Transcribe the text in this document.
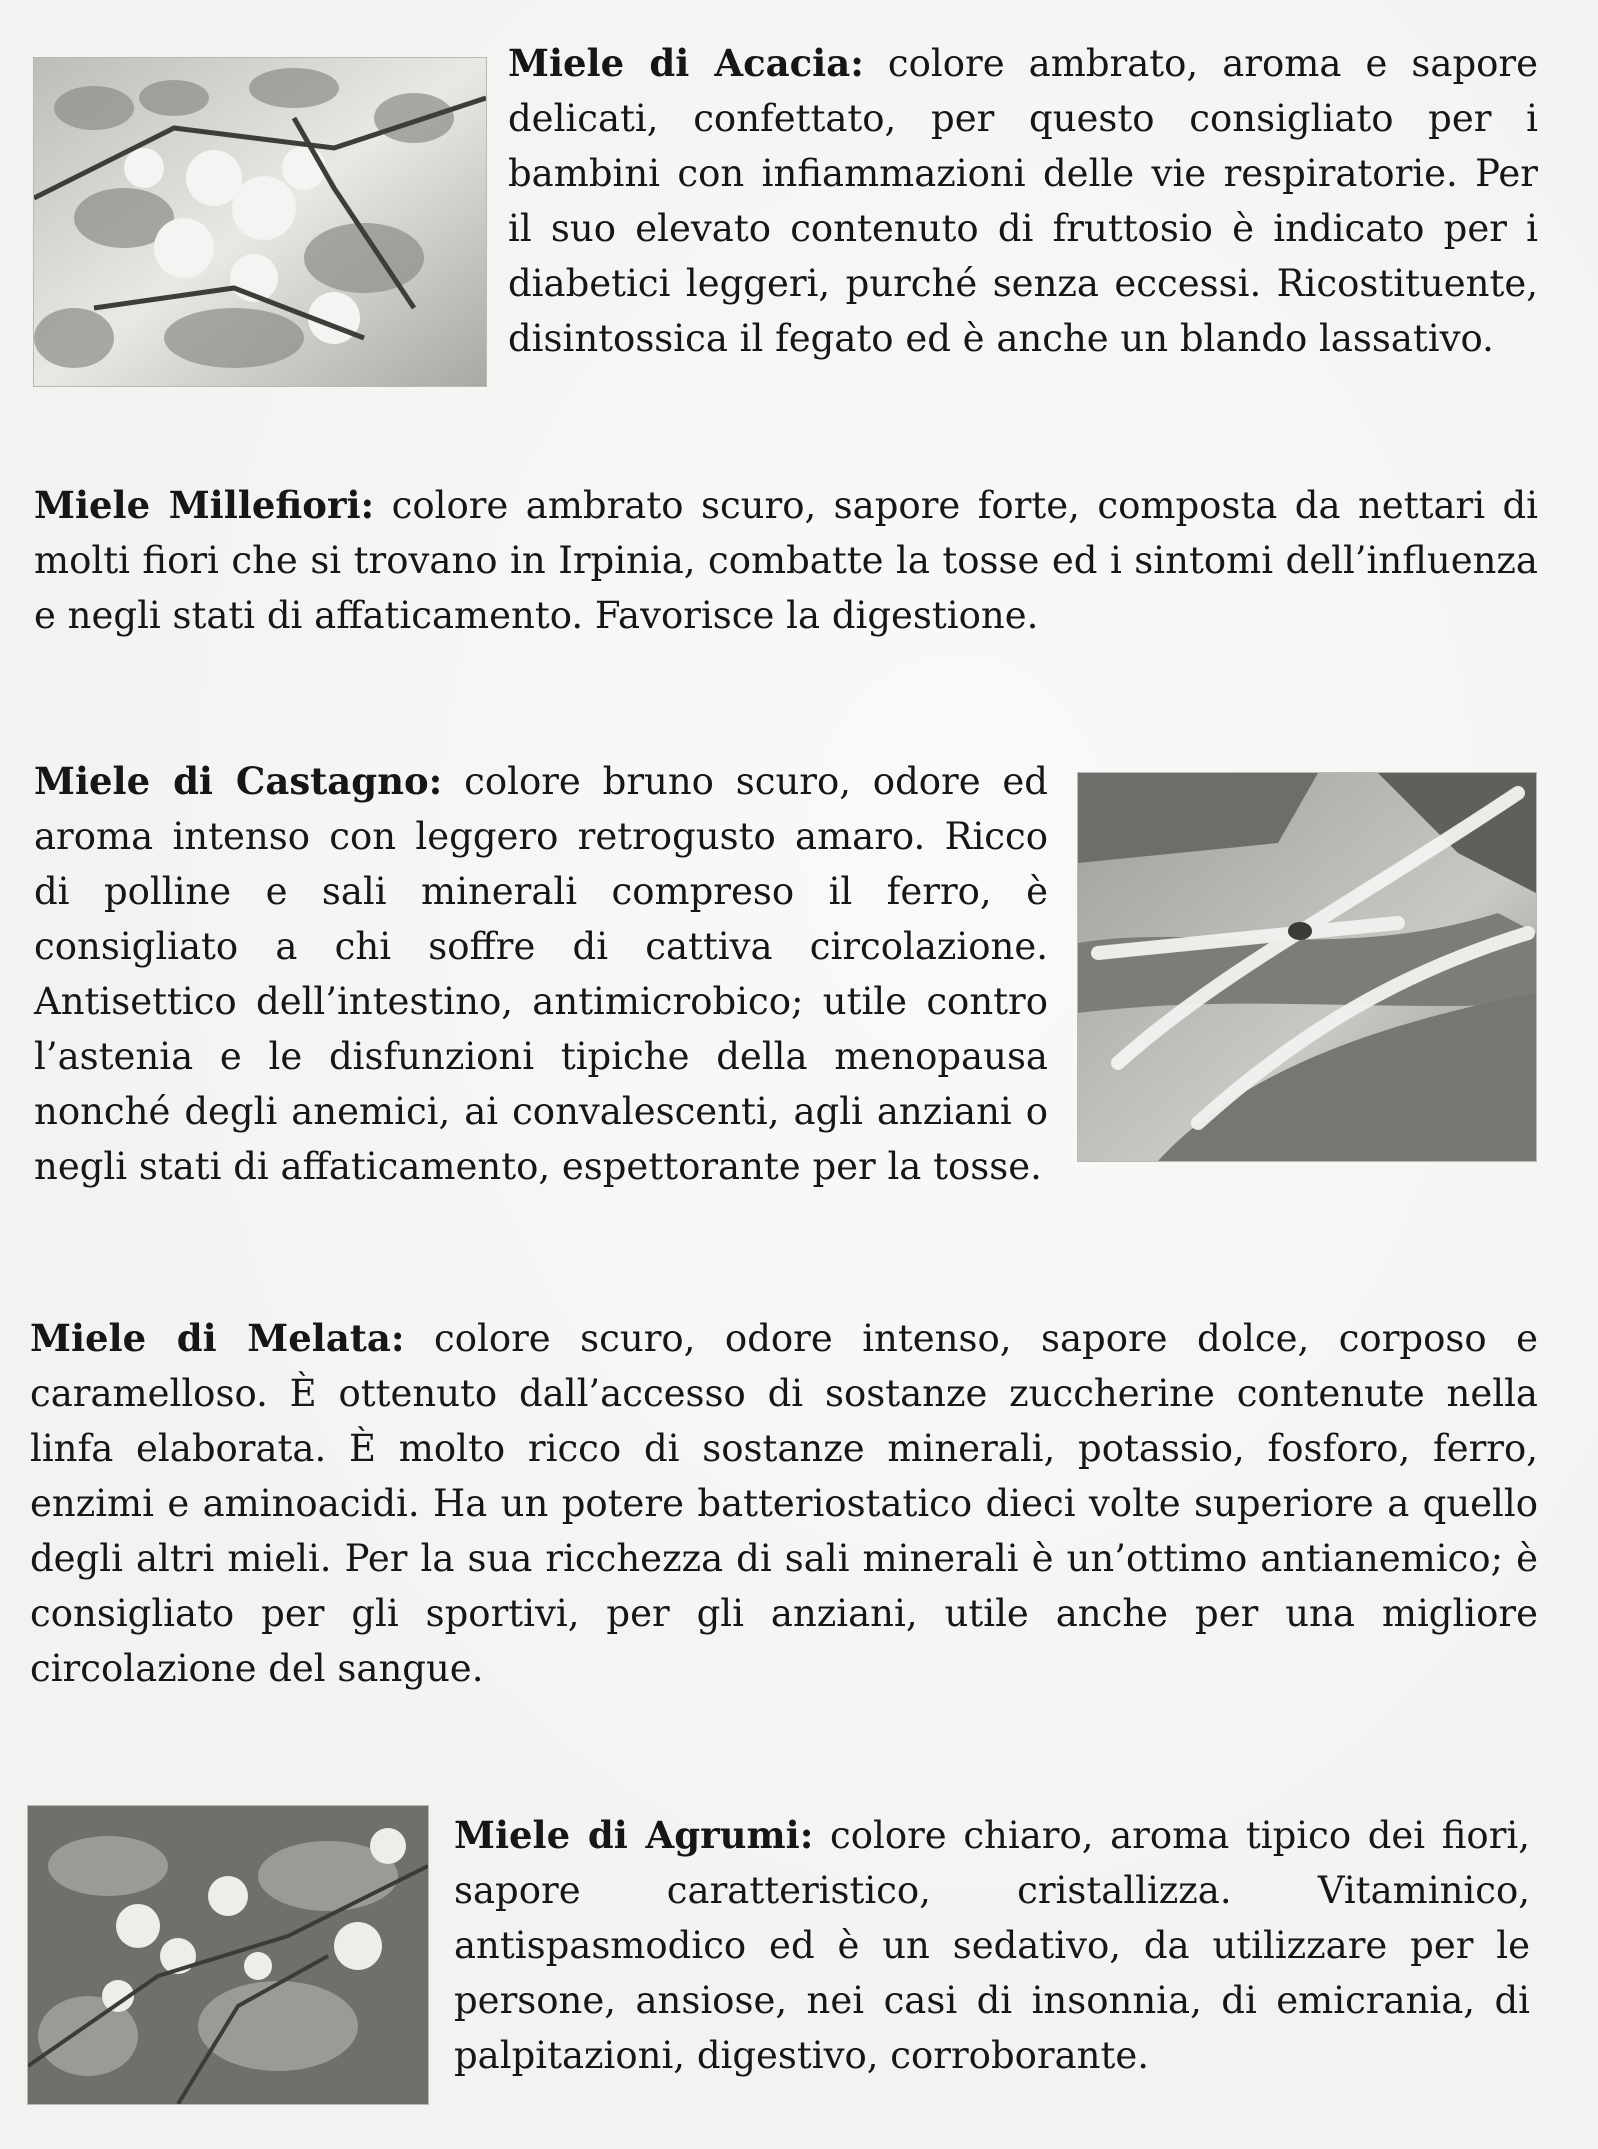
Miele di Acacia: colore ambrato, aroma e sapore delicati, confettato, per questo consigliato per i bambini con infiammazioni delle vie respiratorie. Per il suo elevato contenuto di fruttosio è indicato per i diabetici leggeri, purché senza eccessi. Ricostituente, disintossica il fegato ed è anche un blando lassativo.
Miele Millefiori: colore ambrato scuro, sapore forte, composta da nettari di molti fiori che si trovano in Irpinia, combatte la tosse ed i sintomi dell’influenza e negli stati di affaticamento. Favorisce la digestione.
Miele di Castagno: colore bruno scuro, odore ed aroma intenso con leggero retrogusto amaro. Ricco di polline e sali minerali compreso il ferro, è consigliato a chi soffre di cattiva circolazione. Antisettico dell’intestino, antimicrobico; utile contro l’astenia e le disfunzioni tipiche della menopausa nonché degli anemici, ai convalescenti, agli anziani o negli stati di affaticamento, espettorante per la tosse.
Miele di Melata: colore scuro, odore intenso, sapore dolce, corposo e caramelloso. È ottenuto dall’accesso di sostanze zuccherine contenute nella linfa elaborata. È molto ricco di sostanze minerali, potassio, fosforo, ferro, enzimi e aminoacidi. Ha un potere batteriostatico dieci volte superiore a quello degli altri mieli. Per la sua ricchezza di sali minerali è un’ottimo antianemico; è consigliato per gli sportivi, per gli anziani, utile anche per una migliore circolazione del sangue.
Miele di Agrumi: colore chiaro, aroma tipico dei fiori, sapore caratteristico, cristallizza. Vitaminico, antispasmodico ed è un sedativo, da utilizzare per le persone, ansiose, nei casi di insonnia, di emicrania, di palpitazioni, digestivo, corroborante.
